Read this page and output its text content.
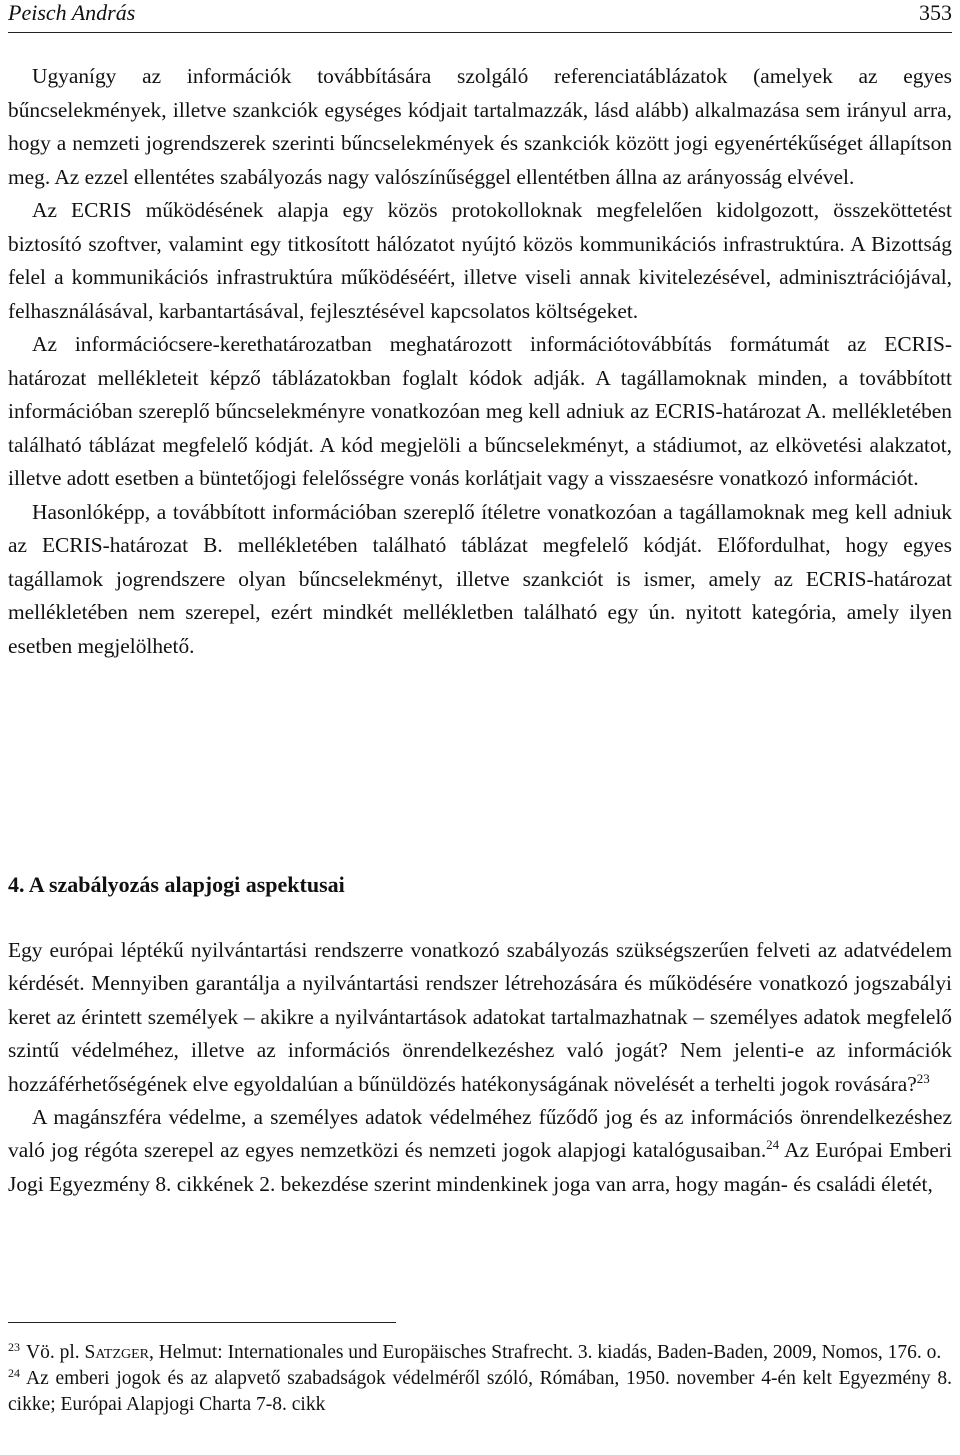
Peisch András	353

Ugyanígy az információk továbbítására szolgáló referenciatáblázatok (amelyek az egyes bűncselekmények, illetve szankciók egységes kódjait tartalmazzák, lásd alább) alkalmazása sem irányul arra, hogy a nemzeti jogrendszerek szerinti bűncselekmények és szankciók között jogi egyenértékűséget állapítson meg. Az ezzel ellentétes szabályozás nagy valószínűséggel ellentétben állna az arányosság elvével.

Az ECRIS működésének alapja egy közös protokolloknak megfelelően kidolgozott, összeköttetést biztosító szoftver, valamint egy titkosított hálózatot nyújtó közös kommunikációs infrastruktúra. A Bizottság felel a kommunikációs infrastruktúra működéséért, illetve viseli annak kivitelezésével, adminisztrációjával, felhasználásával, karbantartásával, fejlesztésével kapcsolatos költségeket.

Az információcsere-kerethatározatban meghatározott információtovábbítás formátumát az ECRIS-határozat mellékleteit képző táblázatokban foglalt kódok adják. A tagállamoknak minden, a továbbított információban szereplő bűncselekményre vonatkozóan meg kell adniuk az ECRIS-határozat A. mellékletében található táblázat megfelelő kódját. A kód megjelöli a bűncselekményt, a stádiumot, az elkövetési alakzatot, illetve adott esetben a büntetőjogi felelősségre vonás korlátjait vagy a visszaesésre vonatkozó információt.

Hasonlóképp, a továbbított információban szereplő ítéletre vonatkozóan a tagállamoknak meg kell adniuk az ECRIS-határozat B. mellékletében található táblázat megfelelő kódját. Előfordulhat, hogy egyes tagállamok jogrendszere olyan bűncselekményt, illetve szankciót is ismer, amely az ECRIS-határozat mellékletében nem szerepel, ezért mindkét mellékletben található egy ún. nyitott kategória, amely ilyen esetben megjelölhető.

4. A szabályozás alapjogi aspektusai

Egy európai léptékű nyilvántartási rendszerre vonatkozó szabályozás szükségszerűen felveti az adatvédelem kérdését. Mennyiben garantálja a nyilvántartási rendszer létrehozására és működésére vonatkozó jogszabályi keret az érintett személyek – akikre a nyilvántartások adatokat tartalmazhatnak – személyes adatok megfelelő szintű védelméhez, illetve az információs önrendelkezéshez való jogát? Nem jelenti-e az információk hozzáférhetőségének elve egyoldalúan a bűnüldözés hatékonyságának növelését a terhelti jogok rovására?$^{23}$

A magánszféra védelme, a személyes adatok védelméhez fűződő jog és az információs önrendelkezéshez való jog régóta szerepel az egyes nemzetközi és nemzeti jogok alapjogi katalógusaiban.$^{24}$ Az Európai Emberi Jogi Egyezmény 8. cikkének 2. bekezdése szerint mindenkinek joga van arra, hogy magán- és családi életét,

$^{23}$ Vö. pl. Satzger, Helmut: Internationales und Europäisches Strafrecht. 3. kiadás, Baden-Baden, 2009, Nomos, 176. o.

$^{24}$ Az emberi jogok és az alapvető szabadságok védelméről szóló, Rómában, 1950. november 4-én kelt Egyezmény 8. cikke; Európai Alapjogi Charta 7-8. cikk
